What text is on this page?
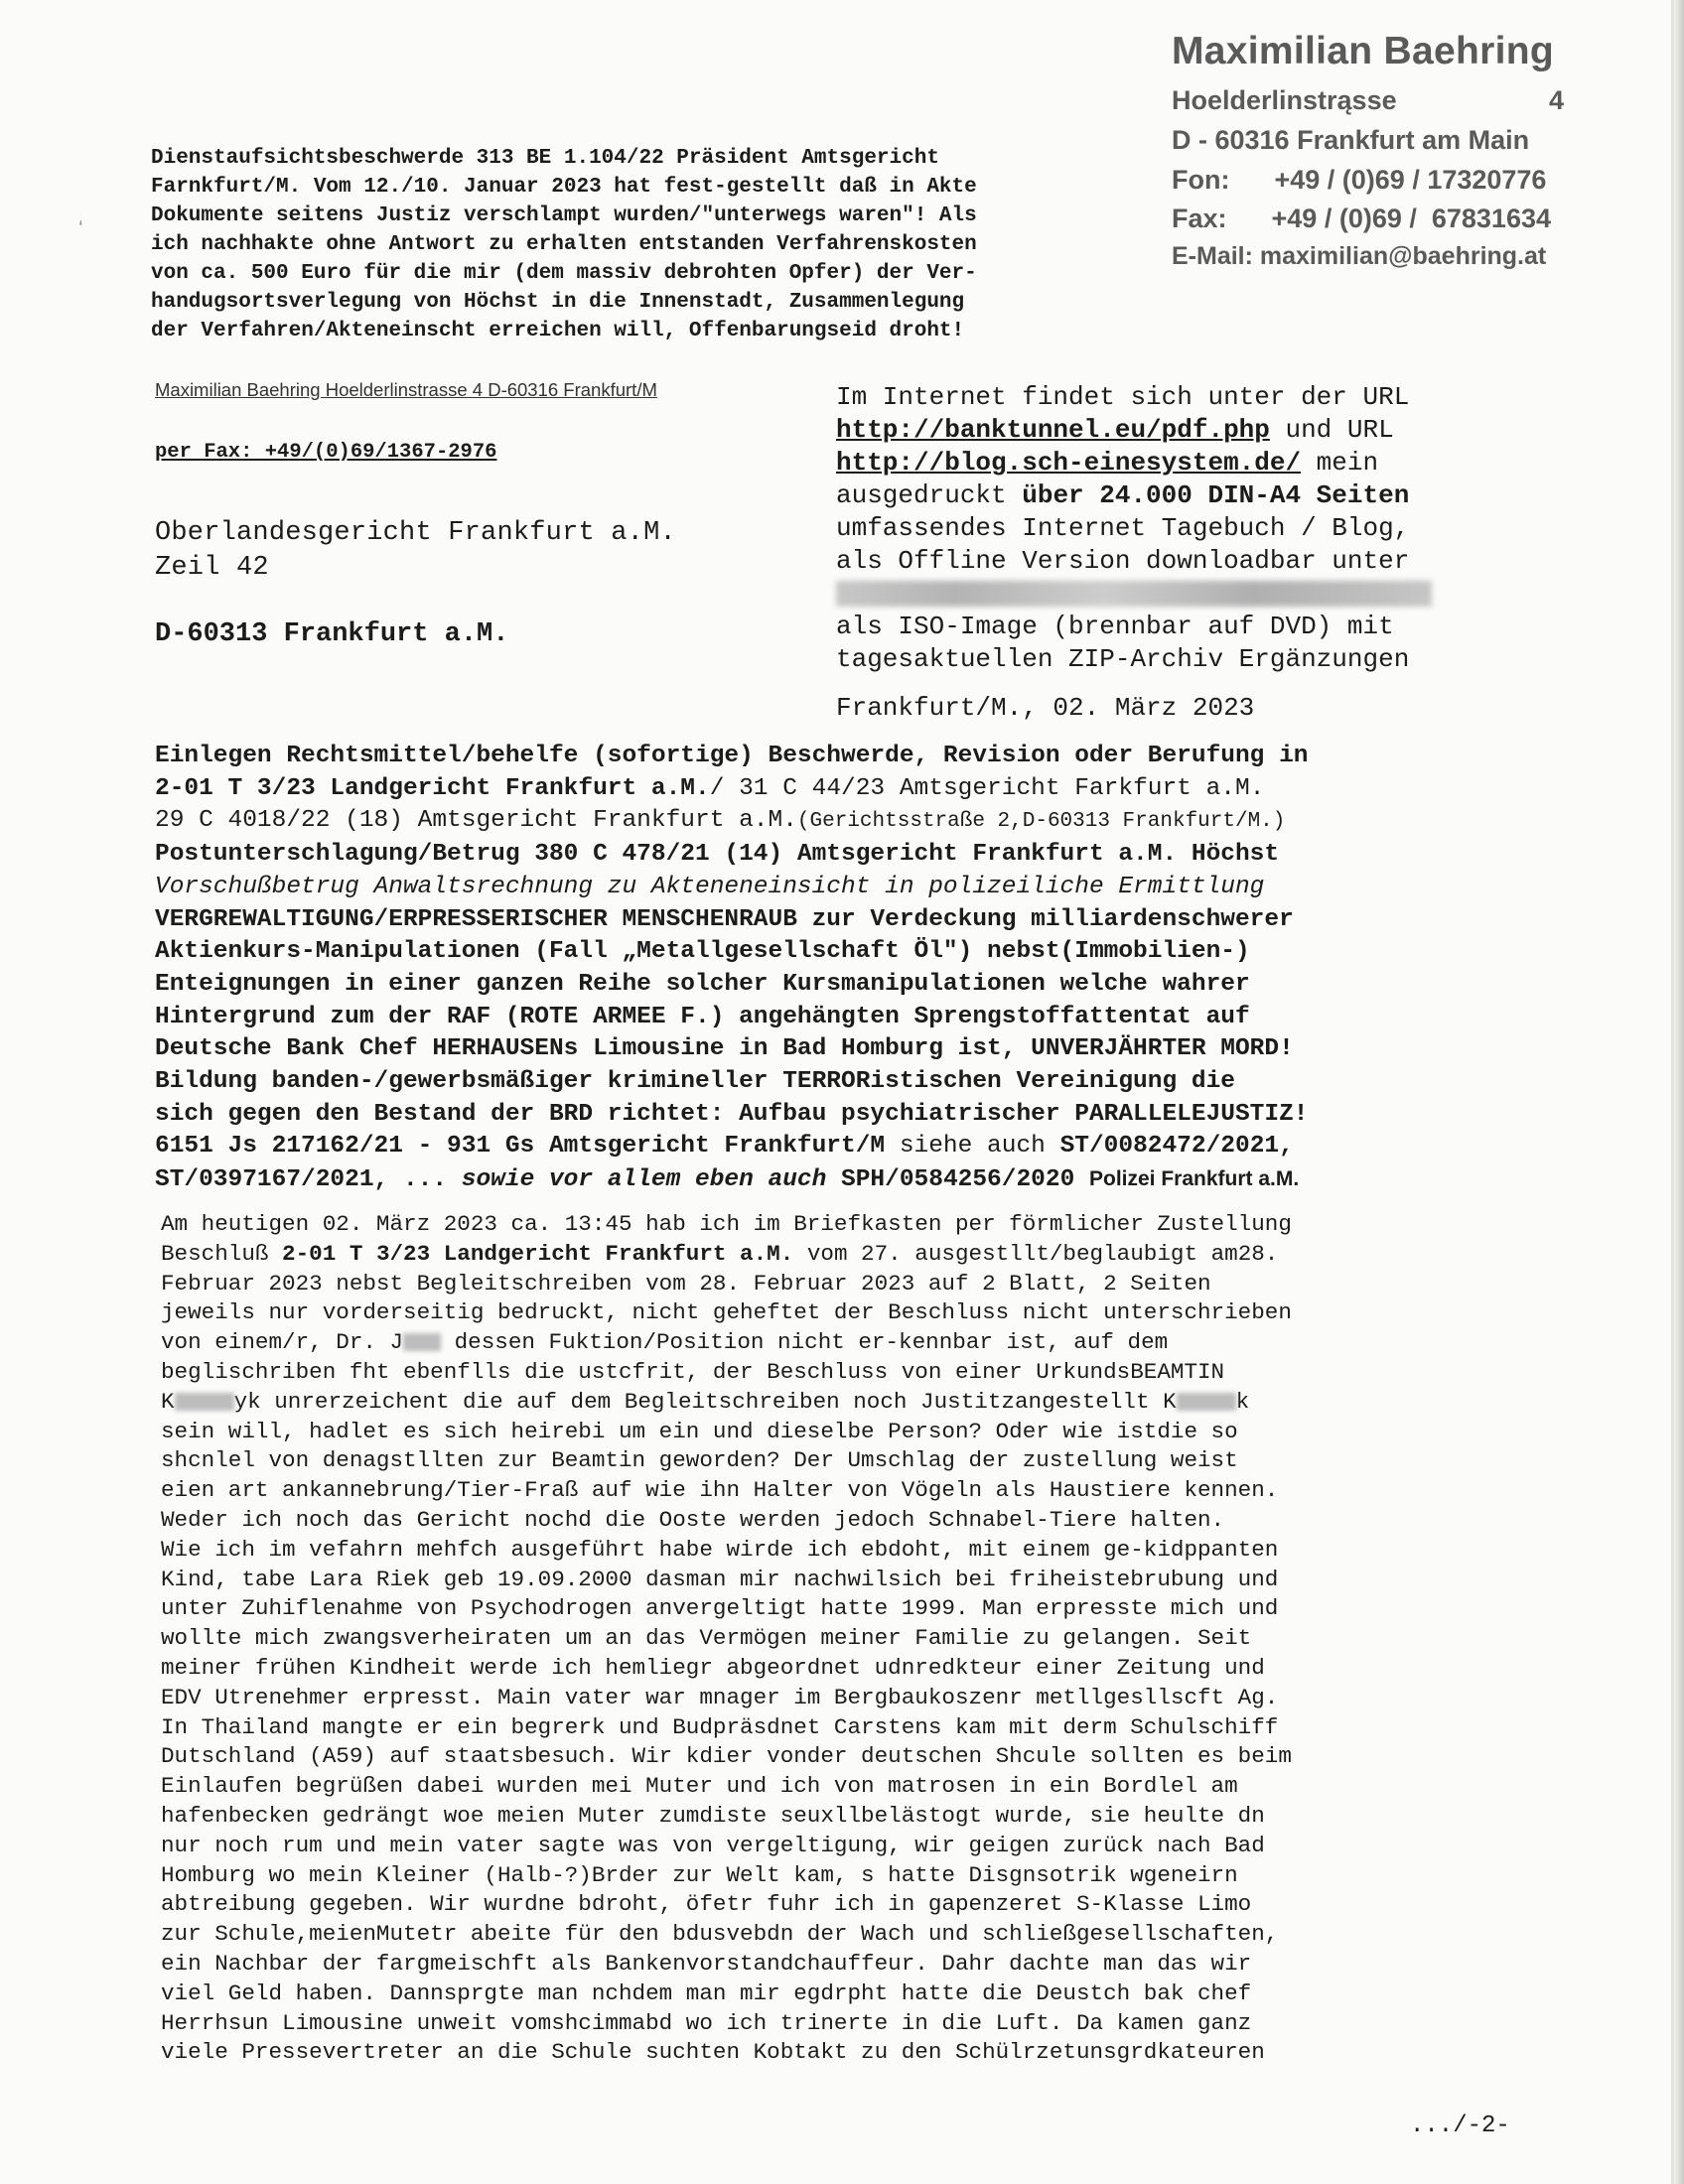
ʻ
Maximilian Baehring
Hoelderlinstrąsse	4
D - 60316 Frankfurt am Main
Fon:      +49 / (0)69 / 17320776
Fax:      +49 / (0)69 /  67831634
E-Mail: maximilian@baehring.at
Dienstaufsichtsbeschwerde 313 BE 1.104/22 Präsident Amtsgericht
Farnkfurt/M. Vom 12./10. Januar 2023 hat fest-gestellt daß in Akte
Dokumente seitens Justiz verschlampt wurden/"unterwegs waren"! Als
ich nachhakte ohne Antwort zu erhalten entstanden Verfahrenskosten
von ca. 500 Euro für die mir (dem massiv debrohten Opfer) der Ver-
handugsortsverlegung von Höchst in die Innenstadt, Zusammenlegung
der Verfahren/Akteneinscht erreichen will, Offenbarungseid droht!
Maximilian Baehring Hoelderlinstrasse 4 D-60316 Frankfurt/M
per Fax: +49/(0)69/1367-2976
Oberlandesgericht Frankfurt a.M.
Zeil 42
D-60313 Frankfurt a.M.
Im Internet findet sich unter der URL
http://banktunnel.eu/pdf.php und URL
http://blog.sch-einesystem.de/ mein
ausgedruckt über 24.000 DIN-A4 Seiten
umfassendes Internet Tagebuch / Blog,
als Offline Version downloadbar unter
als ISO-Image (brennbar auf DVD) mit
tagesaktuellen ZIP-Archiv Ergänzungen
Frankfurt/M., 02. März 2023
Einlegen Rechtsmittel/behelfe (sofortige) Beschwerde, Revision oder Berufung in
2-01 T 3/23 Landgericht Frankfurt a.M./ 31 C 44/23 Amtsgericht Farkfurt a.M.
29 C 4018/22 (18) Amtsgericht Frankfurt a.M.(Gerichtsstraße 2,D-60313 Frankfurt/M.)
Postunterschlagung/Betrug 380 C 478/21 (14) Amtsgericht Frankfurt a.M. Höchst
Vorschußbetrug Anwaltsrechnung zu Akteneneinsicht in polizeiliche Ermittlung
VERGREWALTIGUNG/ERPRESSERISCHER MENSCHENRAUB zur Verdeckung milliardenschwerer
Aktienkurs-Manipulationen (Fall „Metallgesellschaft Öl") nebst(Immobilien-)
Enteignungen in einer ganzen Reihe solcher Kursmanipulationen welche wahrer
Hintergrund zum der RAF (ROTE ARMEE F.) angehängten Sprengstoffattentat auf
Deutsche Bank Chef HERHAUSENs Limousine in Bad Homburg ist, UNVERJÄHRTER MORD!
Bildung banden-/gewerbsmäßiger krimineller TERRORistischen Vereinigung die
sich gegen den Bestand der BRD richtet: Aufbau psychiatrischer PARALLELEJUSTIZ!
6151 Js 217162/21 - 931 Gs Amtsgericht Frankfurt/M siehe auch ST/0082472/2021,
ST/0397167/2021, ... sowie vor allem eben auch SPH/0584256/2020 Polizei Frankfurt a.M.
Am heutigen 02. März 2023 ca. 13:45 hab ich im Briefkasten per förmlicher Zustellung
Beschluß 2-01 T 3/23 Landgericht Frankfurt a.M. vom 27. ausgestllt/beglaubigt am28.
Februar 2023 nebst Begleitschreiben vom 28. Februar 2023 auf 2 Blatt, 2 Seiten
jeweils nur vorderseitig bedruckt, nicht geheftet der Beschluss nicht unterschrieben
von einem/r, Dr. J dessen Fuktion/Position nicht er-kennbar ist, auf dem
beglischriben fht ebenflls die ustcfrit, der Beschluss von einer UrkundsBEAMTIN
K	yk unrerzeichent die auf dem Begleitschreiben noch Justitzangestellt K	k
sein will, hadlet es sich heirebi um ein und dieselbe Person? Oder wie istdie so
shcnlel von denagstllten zur Beamtin geworden? Der Umschlag der zustellung weist
eien art ankannebrung/Tier-Fraß auf wie ihn Halter von Vögeln als Haustiere kennen.
Weder ich noch das Gericht nochd die Ooste werden jedoch Schnabel-Tiere halten.
Wie ich im vefahrn mehfch ausgeführt habe wirde ich ebdoht, mit einem ge-kidppanten
Kind, tabe Lara Riek geb 19.09.2000 dasman mir nachwilsich bei friheistebrubung und
unter Zuhiflenahme von Psychodrogen anvergeltigt hatte 1999. Man erpresste mich und
wollte mich zwangsverheiraten um an das Vermögen meiner Familie zu gelangen. Seit
meiner frühen Kindheit werde ich hemliegr abgeordnet udnredkteur einer Zeitung und
EDV Utrenehmer erpresst. Main vater war mnager im Bergbaukoszenr metllgesllscft Ag.
In Thailand mangte er ein begrerk und Budpräsdnet Carstens kam mit derm Schulschiff
Dutschland (A59) auf staatsbesuch. Wir kdier vonder deutschen Shcule sollten es beim
Einlaufen begrüßen dabei wurden mei Muter und ich von matrosen in ein Bordlel am
hafenbecken gedrängt woe meien Muter zumdiste seuxllbelästogt wurde, sie heulte dn
nur noch rum und mein vater sagte was von vergeltigung, wir geigen zurück nach Bad
Homburg wo mein Kleiner (Halb-?)Brder zur Welt kam, s hatte Disgnsotrik wgeneirn
abtreibung gegeben. Wir wurdne bdroht, öfetr fuhr ich in gapenzeret S-Klasse Limo
zur Schule,meienMutetr abeite für den bdusvebdn der Wach und schließgesellschaften,
ein Nachbar der fargmeischft als Bankenvorstandchauffeur. Dahr dachte man das wir
viel Geld haben. Dannsprgte man nchdem man mir egdrpht hatte die Deustch bak chef
Herrhsun Limousine unweit vomshcimmabd wo ich trinerte in die Luft. Da kamen ganz
viele Pressevertreter an die Schule suchten Kobtakt zu den Schülrzetunsgrdkateuren
.../-2-
